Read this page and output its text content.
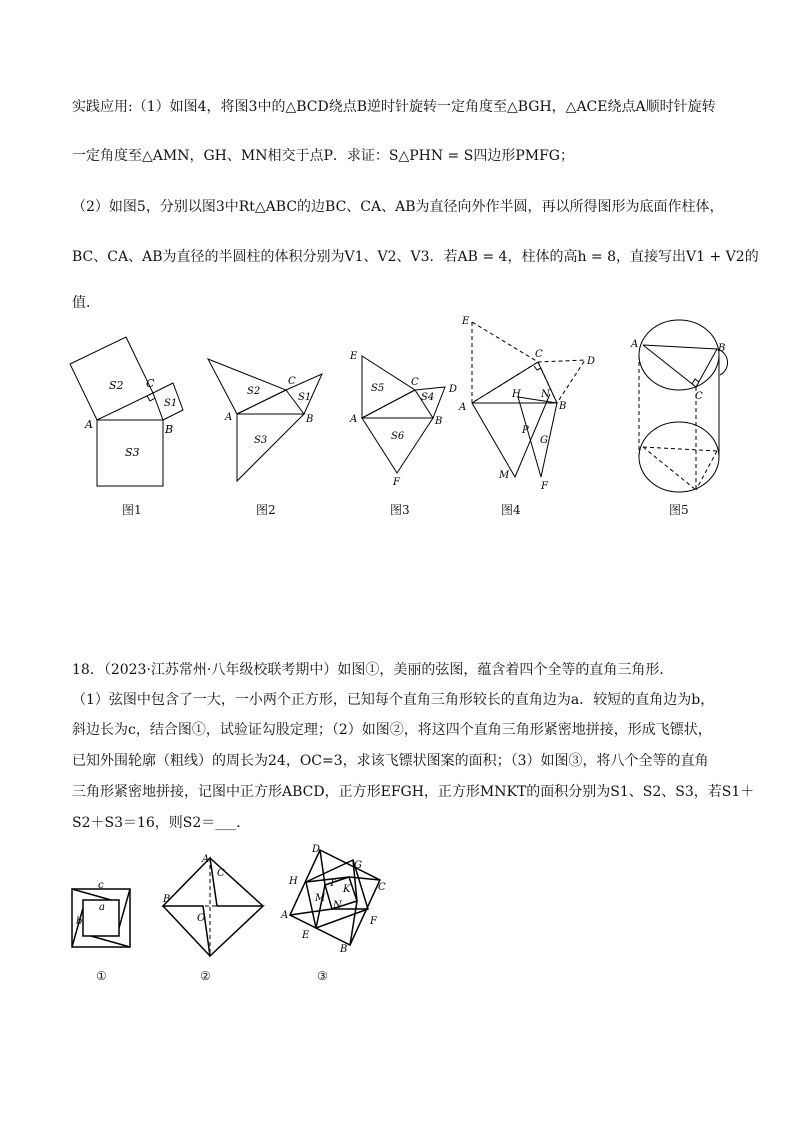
实践应用:（1）如图4，将图3中的△BCD绕点B逆时针旋转一定角度至△BGH，△ACE绕点A顺时针旋转
一定角度至△AMN，GH、MN相交于点P．求证：S△PHN = S四边形PMFG；
（2）如图5，分别以图3中Rt△ABC的边BC、CA、AB为直径向外作半圆，再以所得图形为底面作柱体，
BC、CA、AB为直径的半圆柱的体积分别为V1、V2、V3．若AB = 4，柱体的高h = 8，直接写出V1 + V2的
值．
S2
S1
S3
A	B
C
图1
S2
S1
S3
A	B
C
图2
E
C
D
S5
S4
A	B
S6
F
图3
E
C
D
A
H N
B
P
G
M
F
图4
A	B
C
图5
18．（2023·江苏常州·八年级校联考期中）如图①，美丽的弦图，蕴含着四个全等的直角三角形．
（1）弦图中包含了一大，一小两个正方形，已知每个直角三角形较长的直角边为a．较短的直角边为b，
斜边长为c，结合图①，试验证勾股定理；（2）如图②，将这四个直角三角形紧密地拼接，形成飞镖状，
已知外围轮廓（粗线）的周长为24，OC=3，求该飞镖状图案的面积；（3）如图③，将八个全等的直角
三角形紧密地拼接，记图中正方形ABCD，正方形EFGH，正方形MNKT的面积分别为S1、S2、S3，若S1＋
S2＋S3＝16，则S2＝___．
c
a
b
①
A
C
B
O
②
D
G
H	T
K	C
M
N
A
F
E
B
③
